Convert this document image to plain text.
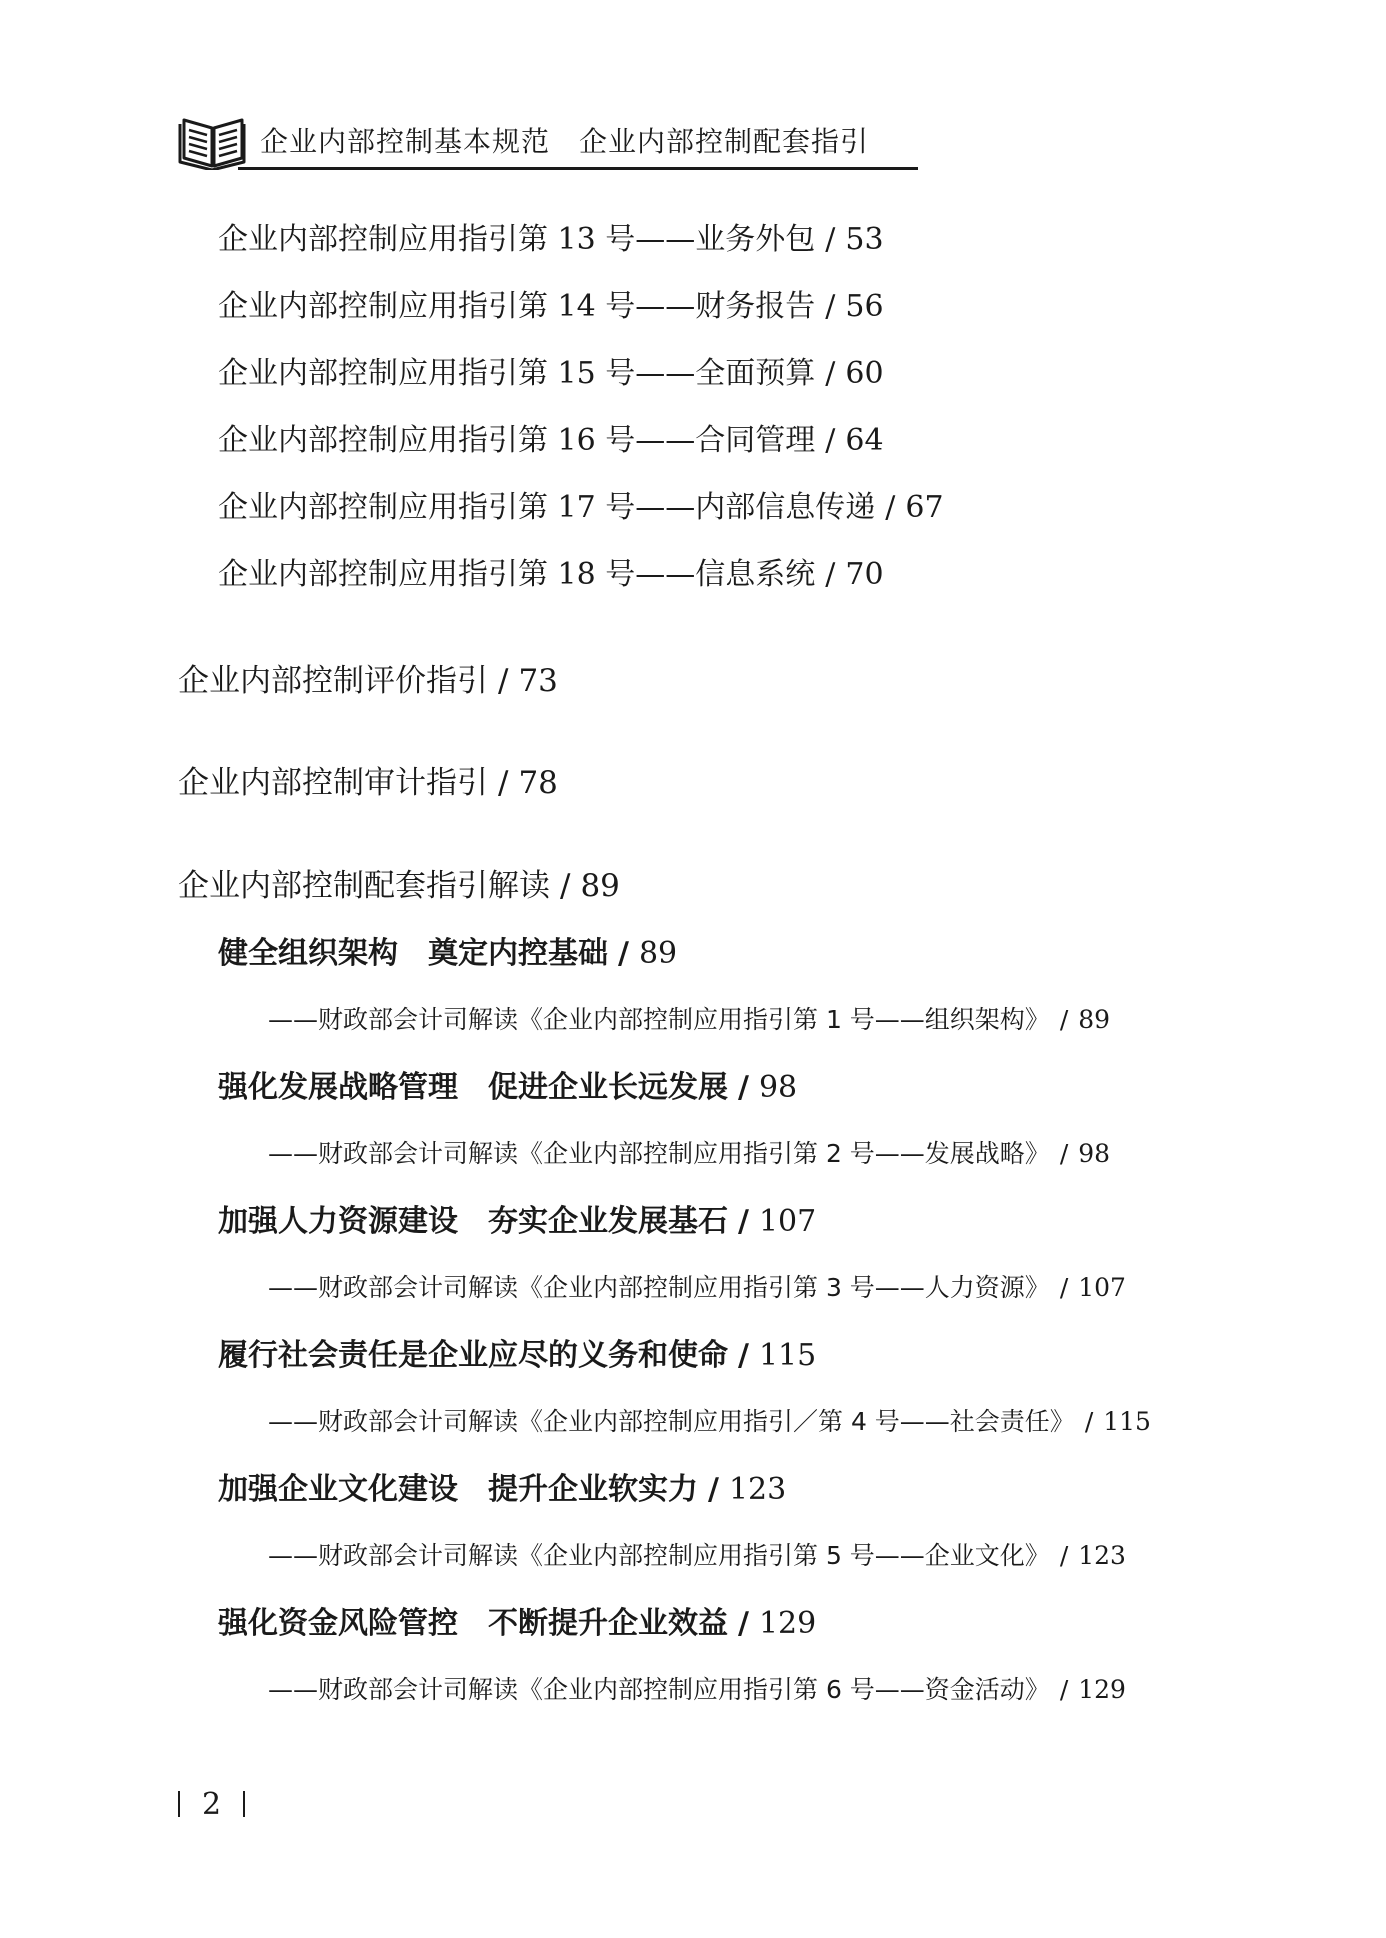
企业内部控制基本规范　企业内部控制配套指引
企业内部控制应用指引第 13 号——业务外包 / 53
企业内部控制应用指引第 14 号——财务报告 / 56
企业内部控制应用指引第 15 号——全面预算 / 60
企业内部控制应用指引第 16 号——合同管理 / 64
企业内部控制应用指引第 17 号——内部信息传递 / 67
企业内部控制应用指引第 18 号——信息系统 / 70
企业内部控制评价指引 / 73
企业内部控制审计指引 / 78
企业内部控制配套指引解读 / 89
健全组织架构　奠定内控基础 / 89
——财政部会计司解读《企业内部控制应用指引第 1 号——组织架构》 / 89
强化发展战略管理　促进企业长远发展 / 98
——财政部会计司解读《企业内部控制应用指引第 2 号——发展战略》 / 98
加强人力资源建设　夯实企业发展基石 / 107
——财政部会计司解读《企业内部控制应用指引第 3 号——人力资源》 / 107
履行社会责任是企业应尽的义务和使命 / 115
——财政部会计司解读《企业内部控制应用指引／第 4 号——社会责任》 / 115
加强企业文化建设　提升企业软实力 / 123
——财政部会计司解读《企业内部控制应用指引第 5 号——企业文化》 / 123
强化资金风险管控　不断提升企业效益 / 129
——财政部会计司解读《企业内部控制应用指引第 6 号——资金活动》 / 129
2
